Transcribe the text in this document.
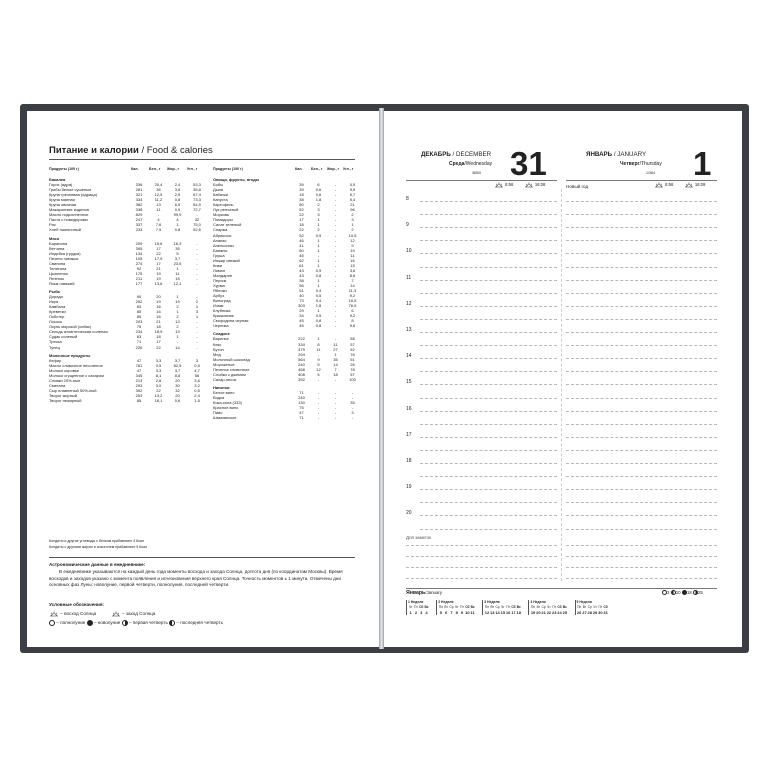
Питание и калории / Food & calories
Продукты (100 г)	Кал.	Бел., г Жир., г Угл., г	Продукты (100 г)	Кал. Бел., г Жир., г Угл., г
Бакалея				
Горох (ядра)	336	20,4	2,4	53,3
Грибы белые сушеные	281	36	3,6	35,8
Крупа гречневая (ядрица)	321	12,5	2,5	67,4
Крупа манная	334	11,2	0,8	73,3
Крупа овсяная	382	13	6,5	64,9
Макаронные изделия	338	11	0,9	72,7
Масло подсолнечное	829	-	99,9	-
Паста с помидорами	247	4	4	32
Рис	337	7,6	1	75,0
Хлеб пшеничный	233	7,9	0,8	52,6

Мясо				
Баранина	209	15,6	16,3	-
Ветчина	395	17	35	-
Индейка (грудка)	134	22	5	-
Печень говяжья	105	17,9	3,7	-
Свинина	274	17	23,5	-
Телятина	92	21	1	-
Цыпленок	175	19	11	-
Ягненок	211	19	15	-
Язык говяжий	177	13,6	12,1	-

Рыба				
Дорадо	90	20	1	-
Икра	252	19	19	2
Камбала	83	16	2	1
Креветки	85	16	1	3
Лобстер	85	16	2	1
Лосось	203	21	13	-
Окунь морской (сибас)	75	18	2	-
Сельдь атлантическая соленая	234	18,9	19	-
Судак соленый	83	18	1	-
Треска	71	17	-	-
Тунец	226	22	14	-

Молочные продукты				
Кефир	47	3,3	3,7	3
Масло сливочное несоленое	781	0,5	82,5	0,5
Молоко коровье	47	3,3	3,7	4,7
Молоко сгущенное с сахаром	345	8,1	8,8	56
Сливки 20%-ные	213	2,8	20	3,6
Сметана	293	3,0	30	3,2
Сыр плавленый 50%-ный	392	22	32	0,5
Творог жирный	253	13,2	20	2,4
Творог нежирный	85	18,1	0,6	1,5
Овощи, фрукты, ягоды				
Бобы	39	6	-	0,5
Дыня	39	0,6	-	9,5
Кабачки	18	0,6	-	5,7
Капуста	38	1,8	-	5,4
Картофель	80	2	-	21
Лук репчатый	52	3	-	96
Морковь	22	3	-	2
Помидоры	17	1	-	3
Салат зеленый	18	1	-	1
Спаржа	22	2	-	2
Абрикосы	52	0,9	-	10,5
Ананас	46	1	-	12
Апельсины	41	1	-	9
Бананы	80	1	-	19
Груша	45	-	-	11
Инжир свежий	62	1	-	16
Киви	61	1	-	15
Лимон	43	0,9	-	3,6
Мандарин	43	0,8	-	8,6
Персик	38	1	-	7
Хурма	56	1	-	14
Яблоки	51	0,4	-	11,3
Арбуз	40	0,5	-	9,2
Виноград	73	0,4	-	16,5
Изюм	303	1,8	-	76,9
Клубника	29	1	-	6
Крыжовник	34	0,5	-	9,2
Смородина черная	45	0,8	-	8
Черника	45	0,8	-	9,6

Сладкое				
Варенье	222	1	-	58
Кекс	334	8	11	57
Бутон	479	11	27	52
Мед	294	-	1	76
Молочный шоколад	564	9	35	51
Мороженое	240	5	14	26
Печенье сливочное	458	12	7	78
Слойки с джемом	408	5	18	57
Сахар-песок	392	-	-	100

Напитки				
Белое вино	71	-	-	-
Водка	240	-	-	-
Кока-кола (333)	130	-	-	35
Красное вино	75	-	-	-
Пиво	47	-	-	3
Шампанское	71	-	-	-
Кондиты и другие углеводы с белком прибавляют 4 Ккал
Кондиты с другими жиром и алкоголем прибавляют 9 Ккал
Астрономические данные в ежедневнике:
В ежедневнике указываются на каждый день года моменты восхода и захода Солнца, долгота дня (по координатам Москвы). Время восходов и заходов указано с момента появления и исчезновения верхнего края Солнца. Точность моментов ± 1 минута. Отмечены дни основных фаз Луны: новолуние, первой четверти, полнолуния, последней четверти.
Условные обозначения:
– восход Солнца	– заход Солнца
– полнолуние – новолуние – первая четверть – последняя четверть
ДЕКАБРЬ / DECEMBER
Среда/Wednesday
365/0 31
8:56	16:08
ЯНВАРЬ / JANUARY
Четверг/Thursday
1/364 1
8:56	16:09
Новый год
8
9
10
11
12
13
14
15
16
17
18
19
20
Для заметок
Январь/January	3 10 18 25
1 Неделя
Чт	Пт	Сб	Вс
1	2	3	4
2 Неделя
Пн	Вт	Ср	Чт	Пт	Сб	Вс
5	6	7	8	9	10	11
3 Неделя
Пн	Вт	Ср	Чт	Пт	Сб	Вс
12	13	14	15	16	17	18
4 Неделя
Пн	Вт	Ср	Чт	Пт	Сб	Вс
19	20	21	22	23	24	25
5 Неделя
Пн	Вт	Ср	Чт	Пт	Сб
26	27	28	29	30	31
